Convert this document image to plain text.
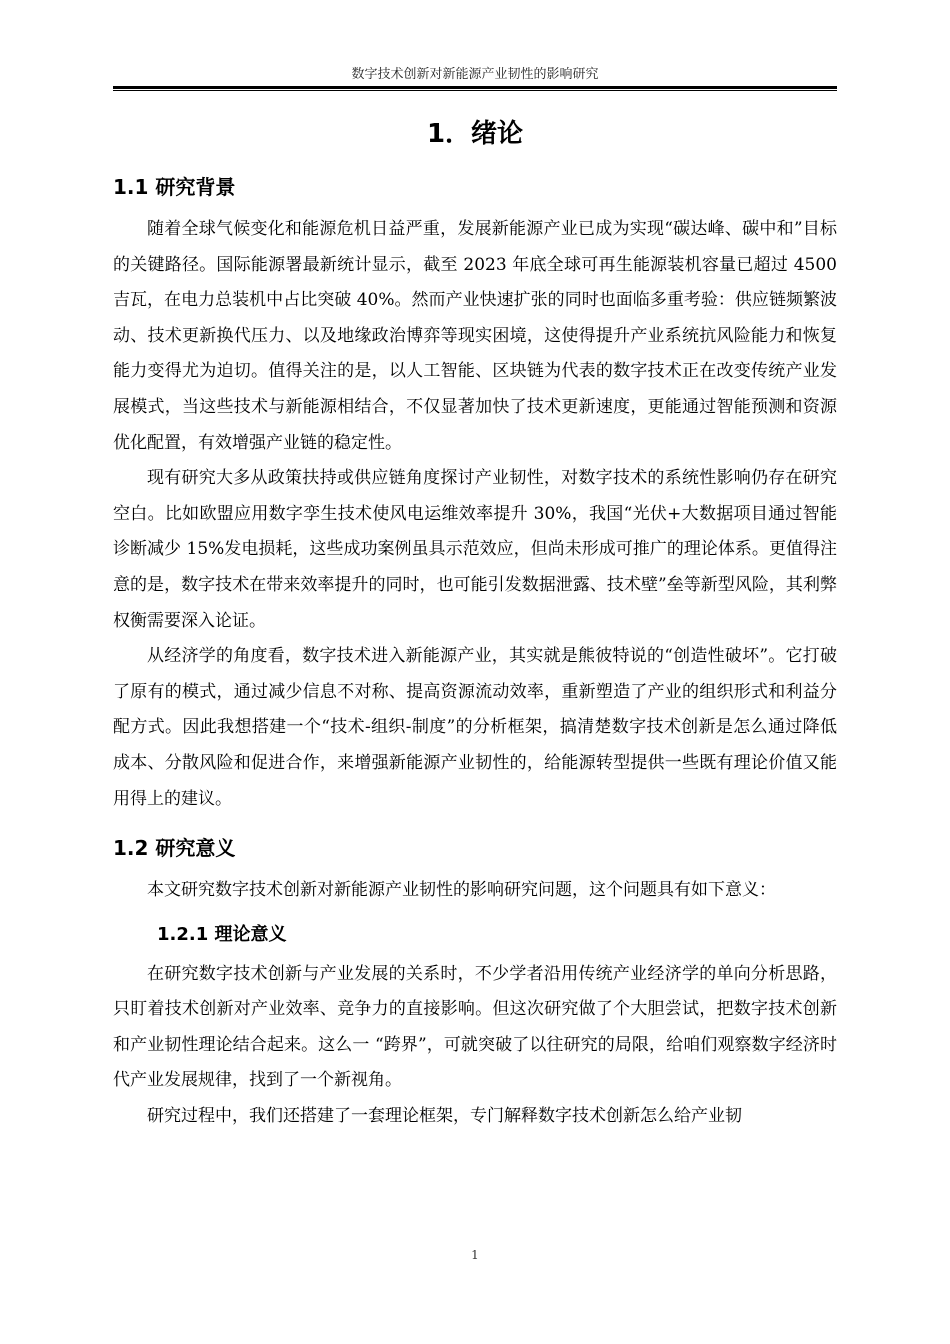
数字技术创新对新能源产业韧性的影响研究
1．绪论
1.1 研究背景

随着全球气候变化和能源危机日益严重，发展新能源产业已成为实现“碳达峰、碳中和”目标的关键路径。国际能源署最新统计显示，截至 2023 年底全球可再生能源装机容量已超过 4500 吉瓦，在电力总装机中占比突破 40%。然而产业快速扩张的同时也面临多重考验：供应链频繁波动、技术更新换代压力、以及地缘政治博弈等现实困境，这使得提升产业系统抗风险能力和恢复能力变得尤为迫切。值得关注的是，以人工智能、区块链为代表的数字技术正在改变传统产业发展模式，当这些技术与新能源相结合，不仅显著加快了技术更新速度，更能通过智能预测和资源优化配置，有效增强产业链的稳定性。

现有研究大多从政策扶持或供应链角度探讨产业韧性，对数字技术的系统性影响仍存在研究空白。比如欧盟应用数字孪生技术使风电运维效率提升 30%，我国“光伏+大数据项目通过智能诊断减少 15%发电损耗，这些成功案例虽具示范效应，但尚未形成可推广的理论体系。更值得注意的是，数字技术在带来效率提升的同时，也可能引发数据泄露、技术壁”垒等新型风险，其利弊权衡需要深入论证。

从经济学的角度看，数字技术进入新能源产业，其实就是熊彼特说的“创造性破坏”。它打破了原有的模式，通过减少信息不对称、提高资源流动效率，重新塑造了产业的组织形式和利益分配方式。因此我想搭建一个“技术-组织-制度”的分析框架，搞清楚数字技术创新是怎么通过降低成本、分散风险和促进合作，来增强新能源产业韧性的，给能源转型提供一些既有理论价值又能用得上的建议。

1.2 研究意义

本文研究数字技术创新对新能源产业韧性的影响研究问题，这个问题具有如下意义：

1.2.1 理论意义

在研究数字技术创新与产业发展的关系时，不少学者沿用传统产业经济学的单向分析思路，只盯着技术创新对产业效率、竞争力的直接影响。但这次研究做了个大胆尝试，把数字技术创新和产业韧性理论结合起来。这么一 “跨界”，可就突破了以往研究的局限，给咱们观察数字经济时代产业发展规律，找到了一个新视角。

研究过程中，我们还搭建了一套理论框架，专门解释数字技术创新怎么给产业韧

1
